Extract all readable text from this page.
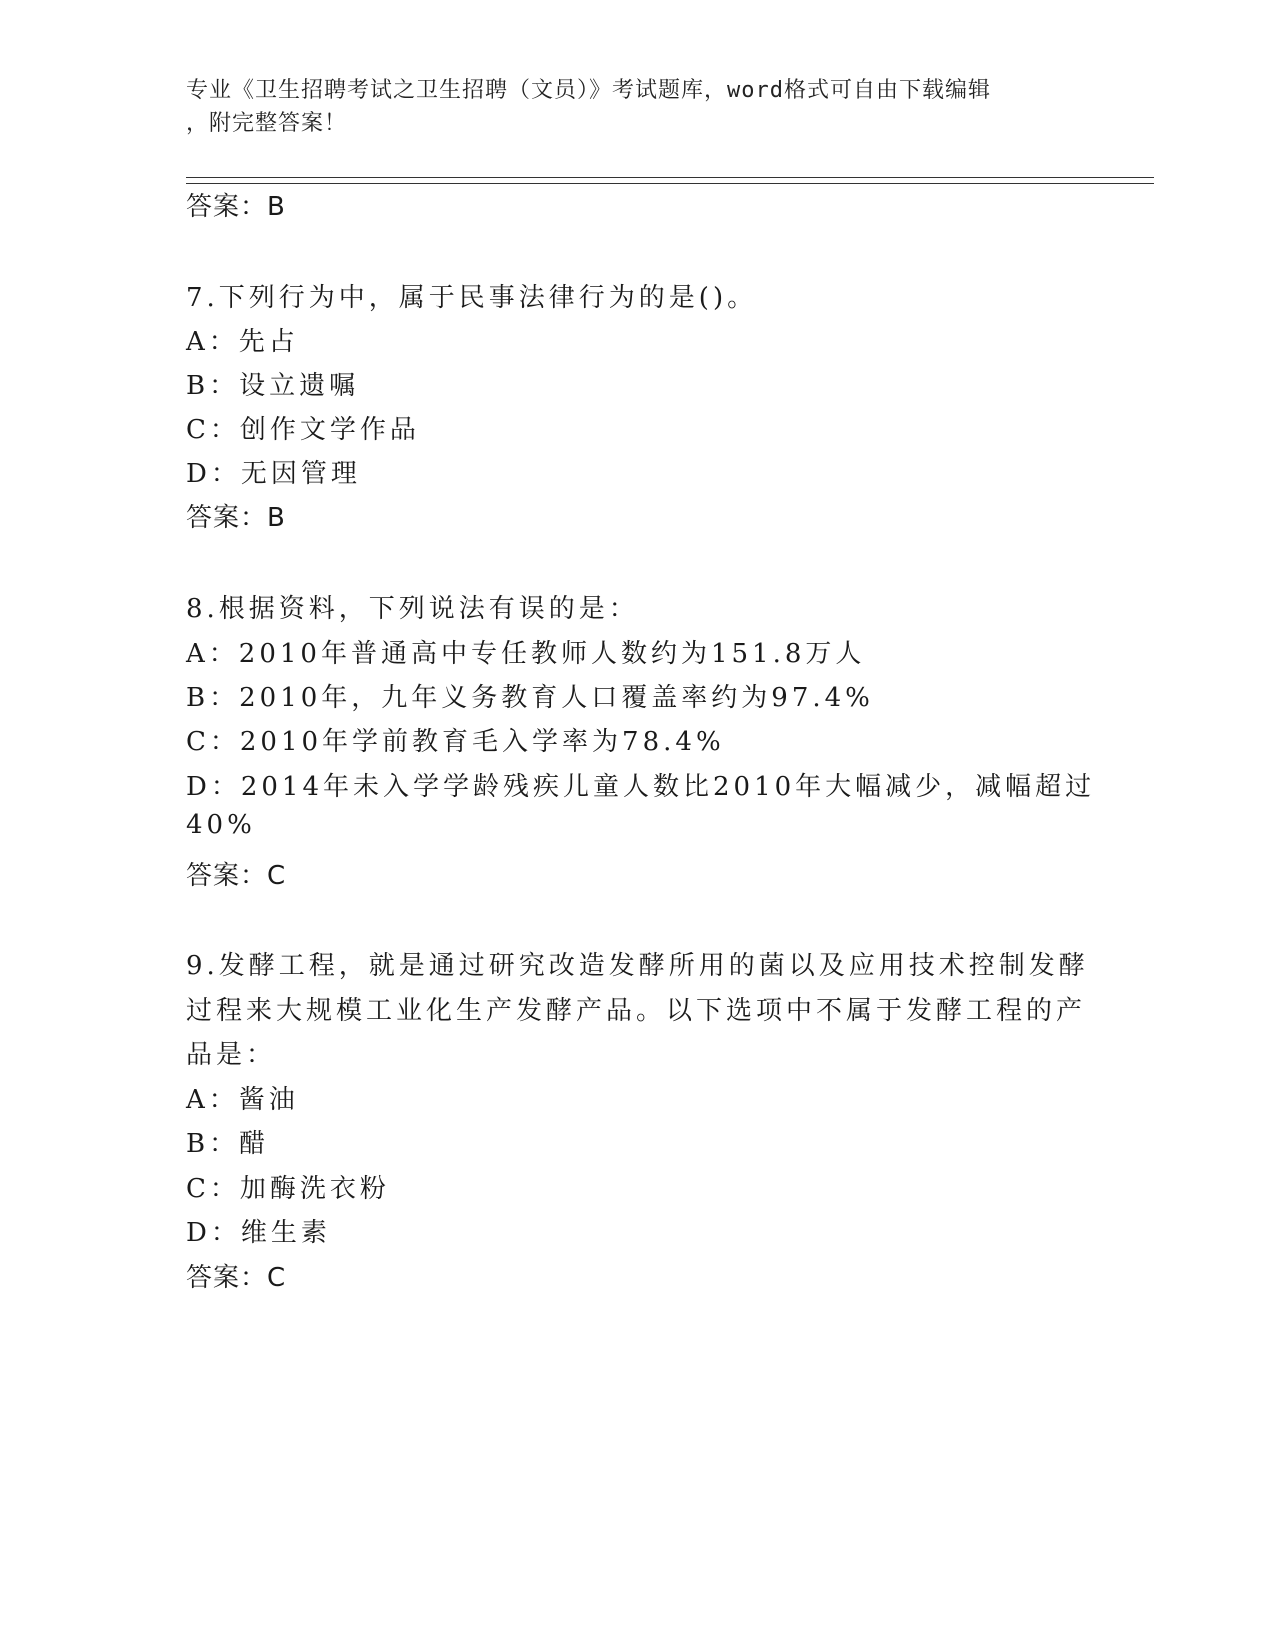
专业《卫生招聘考试之卫生招聘（文员）》考试题库，word格式可自由下载编辑
，附完整答案！
答案：B
7.下列行为中，属于民事法律行为的是()。
A：先占
B：设立遗嘱
C：创作文学作品
D：无因管理
答案：B
8.根据资料，下列说法有误的是：
A：2010年普通高中专任教师人数约为151.8万人
B：2010年，九年义务教育人口覆盖率约为97.4%
C：2010年学前教育毛入学率为78.4%
D：2014年未入学学龄残疾儿童人数比2010年大幅减少，减幅超过
40%
答案：C
9.发酵工程，就是通过研究改造发酵所用的菌以及应用技术控制发酵
过程来大规模工业化生产发酵产品。以下选项中不属于发酵工程的产
品是：
A：酱油
B：醋
C：加酶洗衣粉
D：维生素
答案：C
